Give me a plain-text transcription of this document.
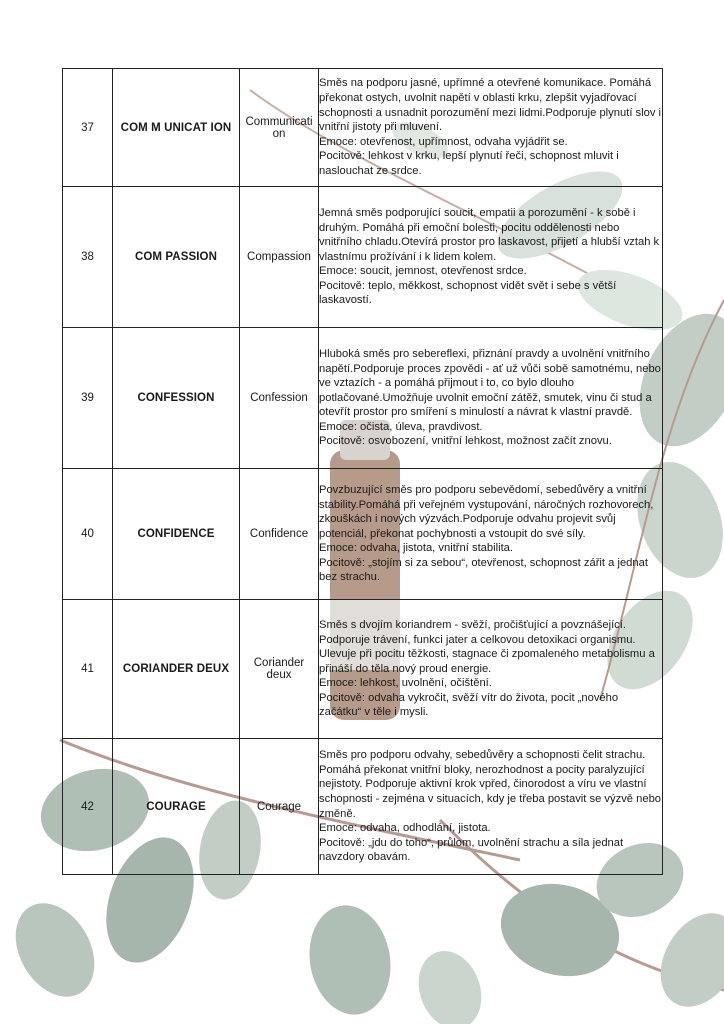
37	COM M UNICAT ION	Communication	Směs na podporu jasné, upřímné a otevřené komunikace. Pomáhá překonat ostych, uvolnit napětí v oblasti krku, zlepšit vyjadřovací schopnosti a usnadnit porozumění mezi lidmi.Podporuje plynutí slov i vnitřní jistoty při mluvení.
Emoce: otevřenost, upřímnost, odvaha vyjádřit se.
Pocitově: lehkost v krku, lepší plynutí řeči, schopnost mluvit i naslouchat ze srdce.

38	COM PASSION	Compassion	Jemná směs podporující soucit, empatii a porozumění - k sobě i druhým. Pomáhá při emoční bolesti, pocitu oddělenosti nebo vnitřního chladu.Otevírá prostor pro laskavost, přijetí a hlubší vztah k vlastnímu prožívání i k lidem kolem.
Emoce: soucit, jemnost, otevřenost srdce.
Pocitově: teplo, měkkost, schopnost vidět svět i sebe s větší laskavostí.

39	CONFESSION	Confession	Hluboká směs pro sebereflexi, přiznání pravdy a uvolnění vnitřního napětí.Podporuje proces zpovědi - ať už vůči sobě samotnému, nebo ve vztazích - a pomáhá přijmout i to, co bylo dlouho potlačované.Umožňuje uvolnit emoční zátěž, smutek, vinu či stud a otevřít prostor pro smíření s minulostí a návrat k vlastní pravdě.
Emoce: očista, úleva, pravdivost.
Pocitově: osvobození, vnitřní lehkost, možnost začít znovu.

40	CONFIDENCE	Confidence	Povzbuzující směs pro podporu sebevědomí, sebedůvěry a vnitřní stability.Pomáhá při veřejném vystupování, náročných rozhovorech, zkouškách i nových výzvách.Podporuje odvahu projevit svůj potenciál, překonat pochybnosti a vstoupit do své síly.
Emoce: odvaha, jistota, vnitřní stabilita.
Pocitově: „stojím si za sebou“, otevřenost, schopnost zářit a jednat bez strachu.

41	CORIANDER DEUX	Coriander deux	Směs s dvojím koriandrem - svěží, pročišťující a povznášející. Podporuje trávení, funkci jater a celkovou detoxikaci organismu. Ulevuje při pocitu těžkosti, stagnace či zpomaleného metabolismu a přináší do těla nový proud energie.
Emoce: lehkost, uvolnění, očištění.
Pocitově: odvaha vykročit, svěží vítr do života, pocit „nového začátku“ v těle i mysli.

42	COURAGE	Courage	Směs pro podporu odvahy, sebedůvěry a schopnosti čelit strachu. Pomáhá překonat vnitřní bloky, nerozhodnost a pocity paralyzující nejistoty. Podporuje aktivní krok vpřed, činorodost a víru ve vlastní schopnosti - zejména v situacích, kdy je třeba postavit se výzvě nebo změně.
Emoce: odvaha, odhodlání, jistota.
Pocitově: „jdu do toho“, průlom, uvolnění strachu a síla jednat navzdory obavám.
